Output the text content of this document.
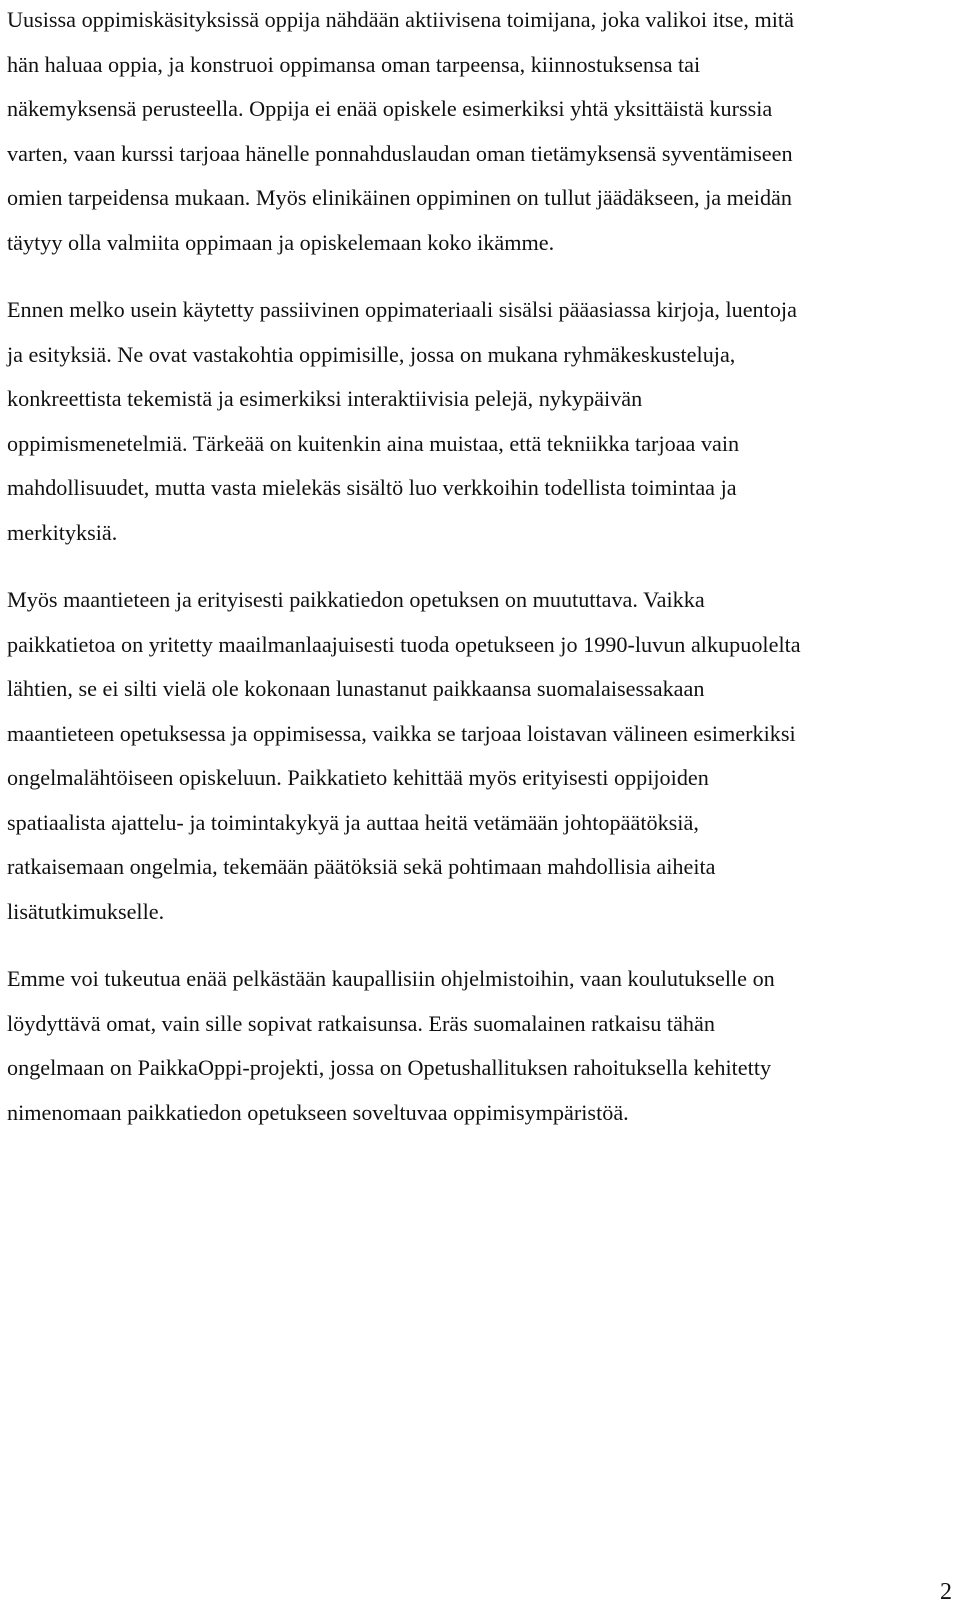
Uusissa oppimiskäsityksissä oppija nähdään aktiivisena toimijana, joka valikoi itse, mitä
hän haluaa oppia, ja konstruoi oppimansa oman tarpeensa, kiinnostuksensa tai
näkemyksensä perusteella. Oppija ei enää opiskele esimerkiksi yhtä yksittäistä kurssia
varten, vaan kurssi tarjoaa hänelle ponnahduslaudan oman tietämyksensä syventämiseen
omien tarpeidensa mukaan. Myös elinikäinen oppiminen on tullut jäädäkseen, ja meidän
täytyy olla valmiita oppimaan ja opiskelemaan koko ikämme.

Ennen melko usein käytetty passiivinen oppimateriaali sisälsi pääasiassa kirjoja, luentoja
ja esityksiä. Ne ovat vastakohtia oppimisille, jossa on mukana ryhmäkeskusteluja,
konkreettista tekemistä ja esimerkiksi interaktiivisia pelejä, nykypäivän
oppimismenetelmiä. Tärkeää on kuitenkin aina muistaa, että tekniikka tarjoaa vain
mahdollisuudet, mutta vasta mielekäs sisältö luo verkkoihin todellista toimintaa ja
merkityksiä.

Myös maantieteen ja erityisesti paikkatiedon opetuksen on muututtava. Vaikka
paikkatietoa on yritetty maailmanlaajuisesti tuoda opetukseen jo 1990-luvun alkupuolelta
lähtien, se ei silti vielä ole kokonaan lunastanut paikkaansa suomalaisessakaan
maantieteen opetuksessa ja oppimisessa, vaikka se tarjoaa loistavan välineen esimerkiksi
ongelmalähtöiseen opiskeluun. Paikkatieto kehittää myös erityisesti oppijoiden
spatiaalista ajattelu- ja toimintakykyä ja auttaa heitä vetämään johtopäätöksiä,
ratkaisemaan ongelmia, tekemään päätöksiä sekä pohtimaan mahdollisia aiheita
lisätutkimukselle.

Emme voi tukeutua enää pelkästään kaupallisiin ohjelmistoihin, vaan koulutukselle on
löydyttävä omat, vain sille sopivat ratkaisunsa. Eräs suomalainen ratkaisu tähän
ongelmaan on PaikkaOppi-projekti, jossa on Opetushallituksen rahoituksella kehitetty
nimenomaan paikkatiedon opetukseen soveltuvaa oppimisympäristöä.

2
